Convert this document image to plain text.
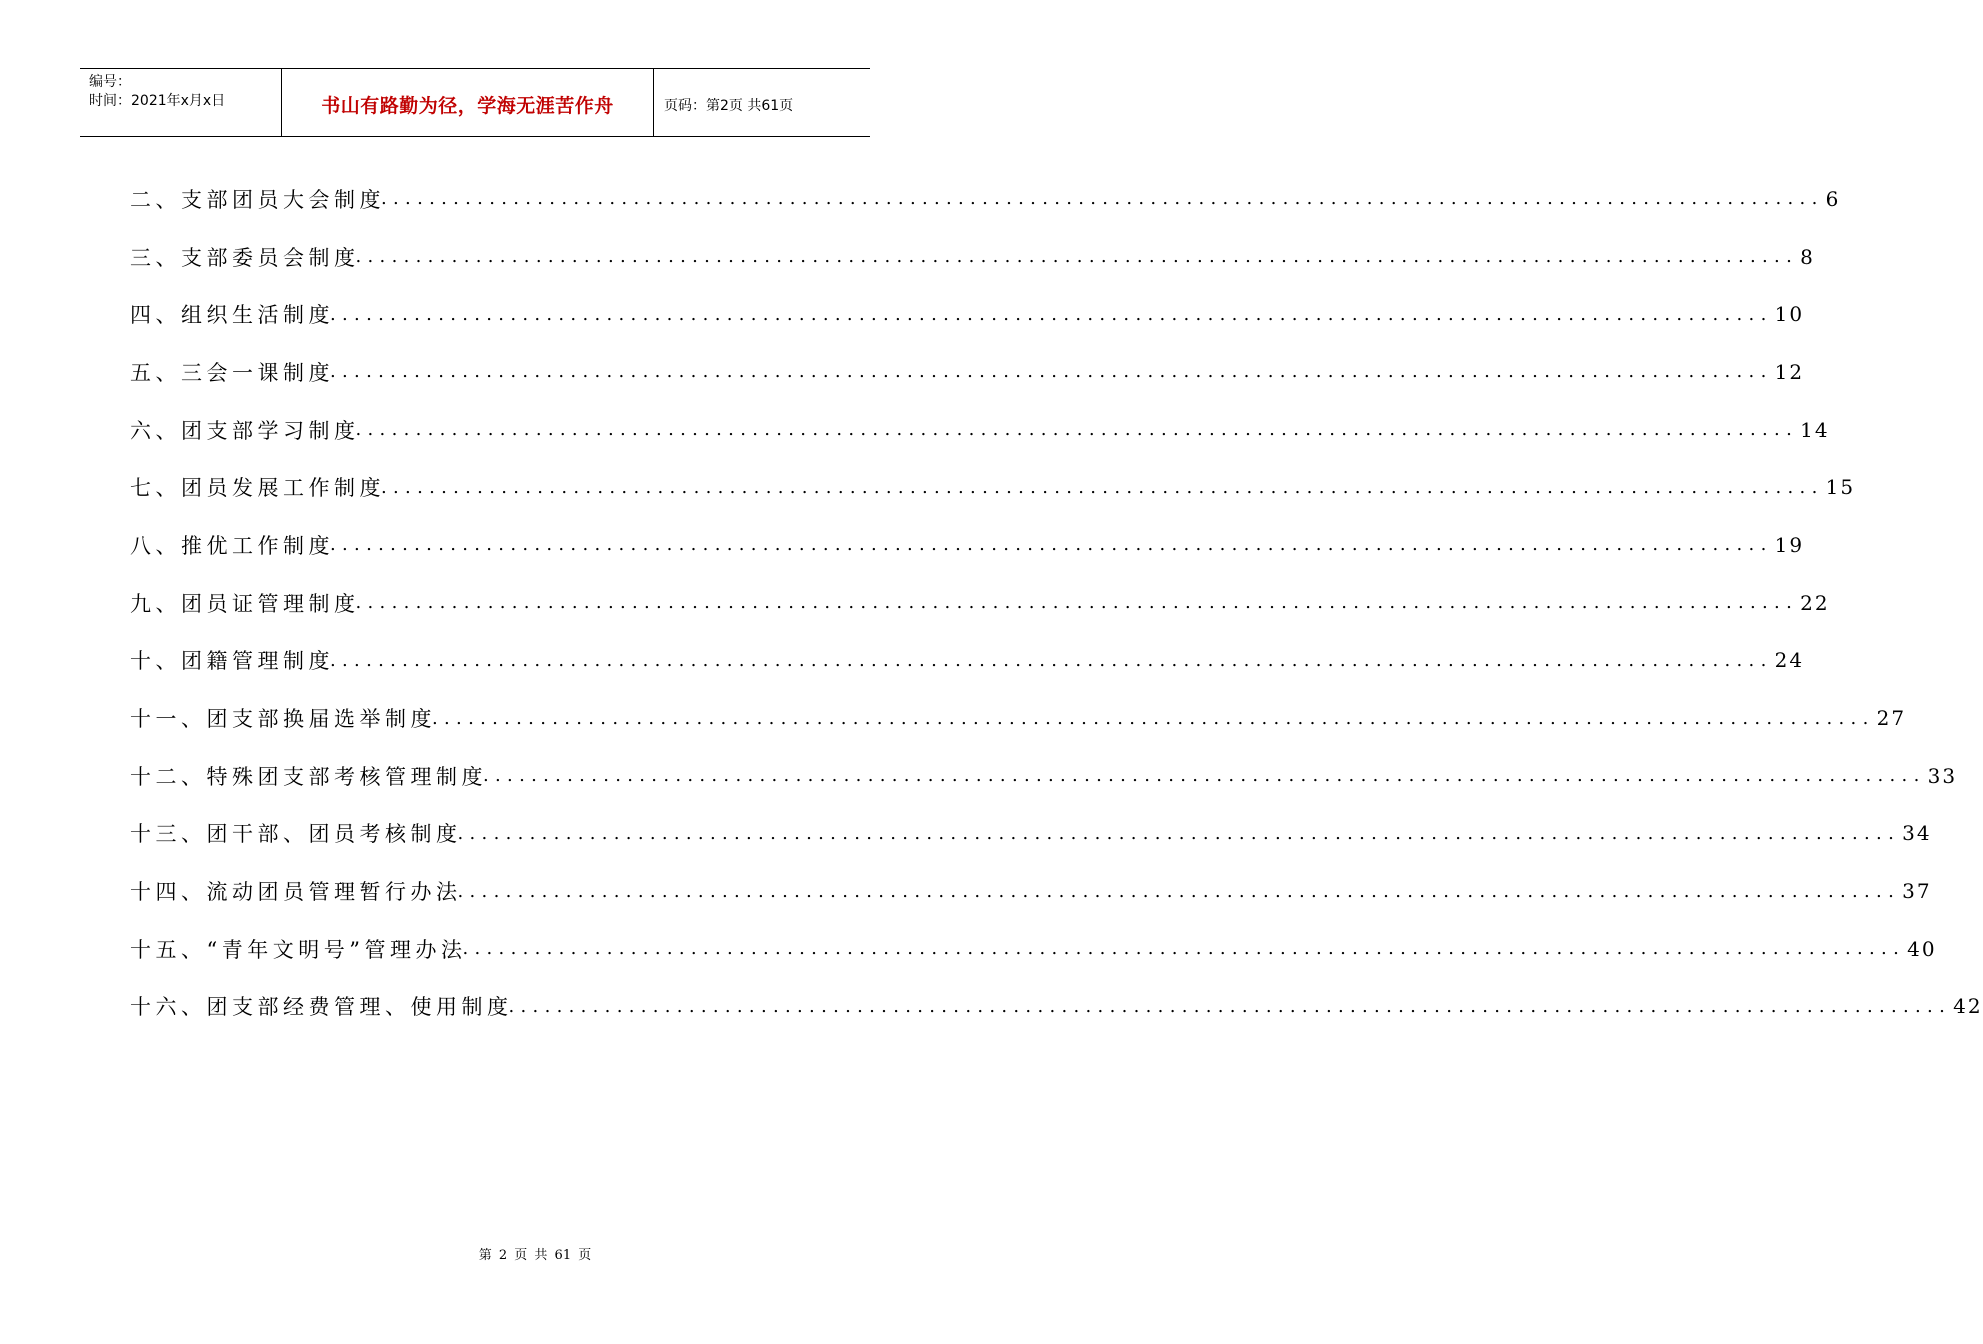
编号：
时间：2021年x月x日	书山有路勤为径，学海无涯苦作舟	页码：第2页 共61页
二、支部团员大会制度
........................................................................................................................ 6
三、支部委员会制度
........................................................................................................................ 8
四、组织生活制度
........................................................................................................................ 10
五、三会一课制度
........................................................................................................................ 12
六、团支部学习制度
........................................................................................................................ 14
七、团员发展工作制度
........................................................................................................................ 15
八、推优工作制度
........................................................................................................................ 19
九、团员证管理制度
........................................................................................................................ 22
十、团籍管理制度
........................................................................................................................ 24
十一、团支部换届选举制度
........................................................................................................................ 27
十二、特殊团支部考核管理制度
........................................................................................................................ 33
十三、团干部、团员考核制度
........................................................................................................................ 34
十四、流动团员管理暂行办法
........................................................................................................................ 37
十五、“青年文明号”管理办法
........................................................................................................................ 40
十六、团支部经费管理、使用制度
........................................................................................................................ 42
第 2 页 共 61 页
